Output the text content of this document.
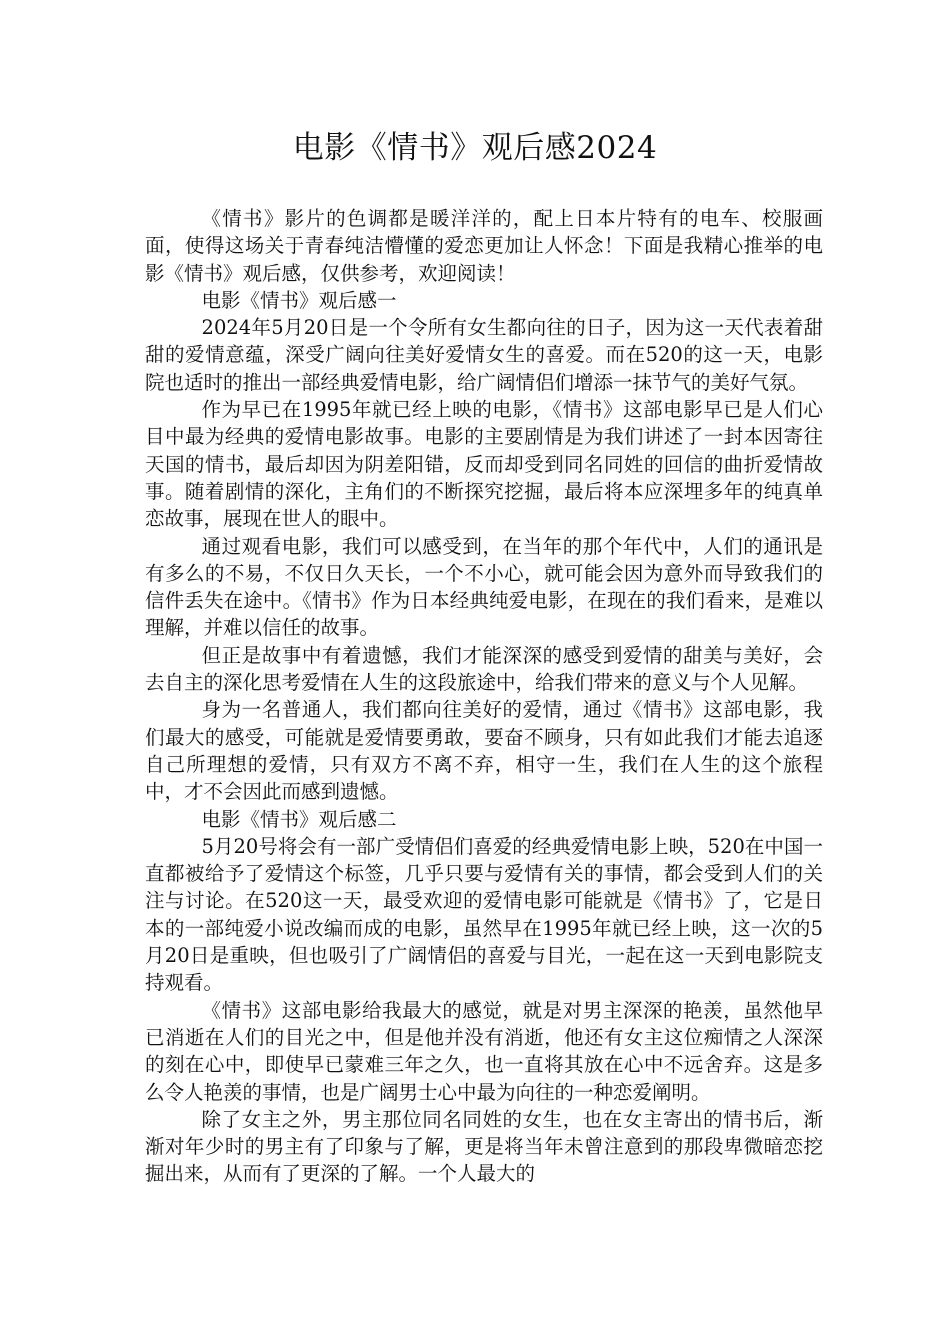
电影《情书》观后感2024

《情书》影片的色调都是暖洋洋的，配上日本片特有的电车、校服画面，使得这场关于青春纯洁懵懂的爱恋更加让人怀念！下面是我精心推举的电影《情书》观后感，仅供参考，欢迎阅读！

电影《情书》观后感一

2024年5月20日是一个令所有女生都向往的日子，因为这一天代表着甜甜的爱情意蕴，深受广阔向往美好爱情女生的喜爱。而在520的这一天，电影院也适时的推出一部经典爱情电影，给广阔情侣们增添一抹节气的美好气氛。

作为早已在1995年就已经上映的电影，《情书》这部电影早已是人们心目中最为经典的爱情电影故事。电影的主要剧情是为我们讲述了一封本因寄往天国的情书，最后却因为阴差阳错，反而却受到同名同姓的回信的曲折爱情故事。随着剧情的深化，主角们的不断探究挖掘，最后将本应深埋多年的纯真单恋故事，展现在世人的眼中。

通过观看电影，我们可以感受到，在当年的那个年代中，人们的通讯是有多么的不易，不仅日久天长，一个不小心，就可能会因为意外而导致我们的信件丢失在途中。《情书》作为日本经典纯爱电影，在现在的我们看来，是难以理解，并难以信任的故事。

但正是故事中有着遗憾，我们才能深深的感受到爱情的甜美与美好，会去自主的深化思考爱情在人生的这段旅途中，给我们带来的意义与个人见解。

身为一名普通人，我们都向往美好的爱情，通过《情书》这部电影，我们最大的感受，可能就是爱情要勇敢，要奋不顾身，只有如此我们才能去追逐自己所理想的爱情，只有双方不离不弃，相守一生，我们在人生的这个旅程中，才不会因此而感到遗憾。

电影《情书》观后感二

5月20号将会有一部广受情侣们喜爱的经典爱情电影上映，520在中国一直都被给予了爱情这个标签，几乎只要与爱情有关的事情，都会受到人们的关注与讨论。在520这一天，最受欢迎的爱情电影可能就是《情书》了，它是日本的一部纯爱小说改编而成的电影，虽然早在1995年就已经上映，这一次的5月20日是重映，但也吸引了广阔情侣的喜爱与目光，一起在这一天到电影院支持观看。

《情书》这部电影给我最大的感觉，就是对男主深深的艳羡，虽然他早已消逝在人们的目光之中，但是他并没有消逝，他还有女主这位痴情之人深深的刻在心中，即使早已蒙难三年之久，也一直将其放在心中不远舍弃。这是多么令人艳羡的事情，也是广阔男士心中最为向往的一种恋爱阐明。

除了女主之外，男主那位同名同姓的女生，也在女主寄出的情书后，渐渐对年少时的男主有了印象与了解，更是将当年未曾注意到的那段卑微暗恋挖掘出来，从而有了更深的了解。一个人最大的
